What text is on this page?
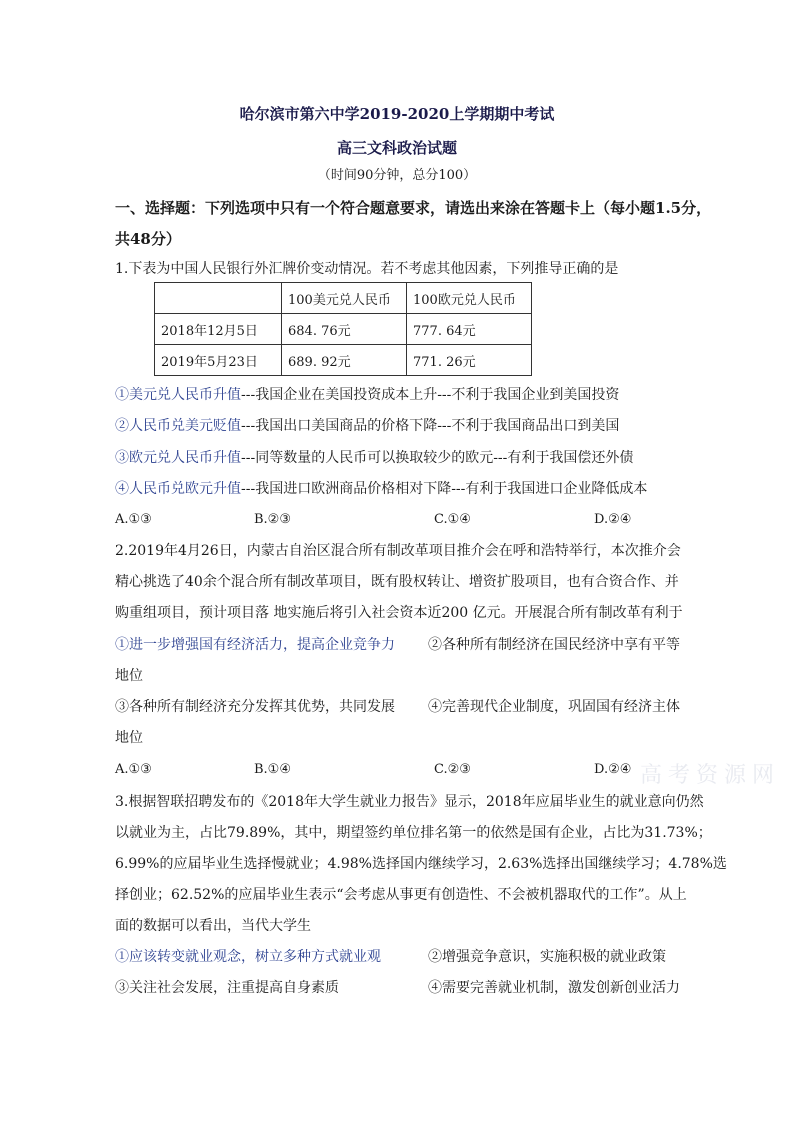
哈尔滨市第六中学2019-2020上学期期中考试
高三文科政治试题
（时间90分钟，总分100）
一、选择题：下列选项中只有一个符合题意要求，请选出来涂在答题卡上（每小题1.5分，
共48分）
1.下表为中国人民银行外汇牌价变动情况。若不考虑其他因素，下列推导正确的是
	100美元兑人民币	100欧元兑人民币
2018年12月5日	684. 76元	777. 64元
2019年5月23日	689. 92元	771. 26元
①美元兑人民币升值---我国企业在美国投资成本上升---不利于我国企业到美国投资
②人民币兑美元贬值---我国出口美国商品的价格下降---不利于我国商品出口到美国
③欧元兑人民币升值---同等数量的人民币可以换取较少的欧元---有利于我国偿还外债
④人民币兑欧元升值---我国进口欧洲商品价格相对下降---有利于我国进口企业降低成本
A.①③	B.②③	C.①④	D.②④
2.2019年4月26日，内蒙古自治区混合所有制改革项目推介会在呼和浩特举行，本次推介会
精心挑选了40余个混合所有制改革项目，既有股权转让、增资扩股项目，也有合资合作、并
购重组项目，预计项目落 地实施后将引入社会资本近200 亿元。开展混合所有制改革有利于
①进一步增强国有经济活力，提高企业竞争力 ②各种所有制经济在国民经济中享有平等
地位
③各种所有制经济充分发挥其优势，共同发展 ④完善现代企业制度，巩固国有经济主体
地位
A.①③	B.①④	C.②③	D.②④ 高考资源网
3.根据智联招聘发布的《2018年大学生就业力报告》显示，2018年应届毕业生的就业意向仍然
以就业为主，占比79.89%，其中，期望签约单位排名第一的依然是国有企业，占比为31.73%；
6.99%的应届毕业生选择慢就业；4.98%选择国内继续学习，2.63%选择出国继续学习；4.78%选
择创业；62.52%的应届毕业生表示“会考虑从事更有创造性、不会被机器取代的工作”。从上
面的数据可以看出，当代大学生
①应该转变就业观念，树立多种方式就业观	②增强竞争意识，实施积极的就业政策
③关注社会发展，注重提高自身素质	④需要完善就业机制，激发创新创业活力
